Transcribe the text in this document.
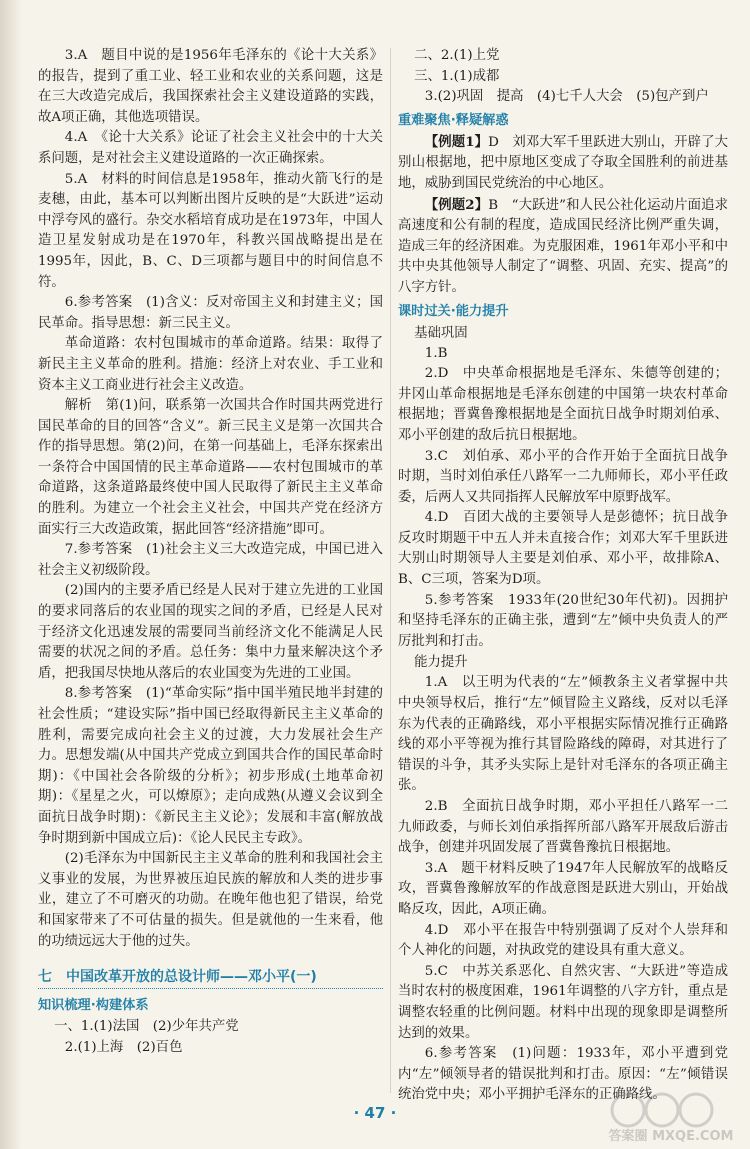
3.A　题目中说的是1956年毛泽东的《论十大关系》的报告，提到了重工业、轻工业和农业的关系问题，这是在三大改造完成后，我国探索社会主义建设道路的实践，故A项正确，其他选项错误。

4.A　《论十大关系》论证了社会主义社会中的十大关系问题，是对社会主义建设道路的一次正确探索。

5.A　材料的时间信息是1958年，推动火箭飞行的是麦穗，由此，基本可以判断出图片反映的是“大跃进”运动中浮夸风的盛行。杂交水稻培育成功是在1973年，中国人造卫星发射成功是在1970年，科教兴国战略提出是在1995年，因此，B、C、D三项都与题目中的时间信息不符。

6.参考答案　(1)含义：反对帝国主义和封建主义；国民革命。指导思想：新三民主义。

革命道路：农村包围城市的革命道路。结果：取得了新民主主义革命的胜利。措施：经济上对农业、手工业和资本主义工商业进行社会主义改造。

解析　第(1)问，联系第一次国共合作时国共两党进行国民革命的目的回答“含义”。新三民主义是第一次国共合作的指导思想。第(2)问，在第一问基础上，毛泽东探索出一条符合中国国情的民主革命道路——农村包围城市的革命道路，这条道路最终使中国人民取得了新民主主义革命的胜利。为建立一个社会主义社会，中国共产党在经济方面实行三大改造政策，据此回答“经济措施”即可。

7.参考答案　(1)社会主义三大改造完成，中国已进入社会主义初级阶段。

(2)国内的主要矛盾已经是人民对于建立先进的工业国的要求同落后的农业国的现实之间的矛盾，已经是人民对于经济文化迅速发展的需要同当前经济文化不能满足人民需要的状况之间的矛盾。总任务：集中力量来解决这个矛盾，把我国尽快地从落后的农业国变为先进的工业国。

8.参考答案　(1)“革命实际”指中国半殖民地半封建的社会性质；“建设实际”指中国已经取得新民主主义革命的胜利，需要完成向社会主义的过渡，大力发展社会生产力。思想发端(从中国共产党成立到国共合作的国民革命时期)：《中国社会各阶级的分析》；初步形成(土地革命初期)：《星星之火，可以燎原》；走向成熟(从遵义会议到全面抗日战争时期)：《新民主主义论》；发展和丰富(解放战争时期到新中国成立后)：《论人民民主专政》。

(2)毛泽东为中国新民主主义革命的胜利和我国社会主义事业的发展，为世界被压迫民族的解放和人类的进步事业，建立了不可磨灭的功勋。在晚年他也犯了错误，给党和国家带来了不可估量的损失。但是就他的一生来看，他的功绩远远大于他的过失。

七　中国改革开放的总设计师——邓小平(一)
知识梳理·构建体系

一、1.(1)法国　(2)少年共产党

2.(1)上海　(2)百色

二、2.(1)上党

三、1.(1)成都

3.(2)巩固　提高　(4)七千人大会　(5)包产到户

重难聚焦·释疑解惑

【例题1】D　刘邓大军千里跃进大别山，开辟了大别山根据地，把中原地区变成了夺取全国胜利的前进基地，威胁到国民党统治的中心地区。

【例题2】B　“大跃进”和人民公社化运动片面追求高速度和公有制的程度，造成国民经济比例严重失调，造成三年的经济困难。为克服困难，1961年邓小平和中共中央其他领导人制定了“调整、巩固、充实、提高”的八字方针。

课时过关·能力提升
基础巩固

1.B

2.D　中央革命根据地是毛泽东、朱德等创建的；井冈山革命根据地是毛泽东创建的中国第一块农村革命根据地；晋冀鲁豫根据地是全面抗日战争时期刘伯承、邓小平创建的敌后抗日根据地。

3.C　刘伯承、邓小平的合作开始于全面抗日战争时期，当时刘伯承任八路军一二九师师长，邓小平任政委，后两人又共同指挥人民解放军中原野战军。

4.D　百团大战的主要领导人是彭德怀；抗日战争反攻时期题干中五人并未直接合作；刘邓大军千里跃进大别山时期领导人主要是刘伯承、邓小平，故排除A、B、C三项，答案为D项。

5.参考答案　1933年(20世纪30年代初)。因拥护和坚持毛泽东的正确主张，遭到“左”倾中央负责人的严厉批判和打击。

能力提升

1.A　以王明为代表的“左”倾教条主义者掌握中共中央领导权后，推行“左”倾冒险主义路线，反对以毛泽东为代表的正确路线，邓小平根据实际情况推行正确路线的邓小平等视为推行其冒险路线的障碍，对其进行了错误的斗争，其矛头实际上是针对毛泽东的各项正确主张。

2.B　全面抗日战争时期，邓小平担任八路军一二九师政委，与师长刘伯承指挥所部八路军开展敌后游击战争，创建并巩固发展了晋冀鲁豫抗日根据地。

3.A　题干材料反映了1947年人民解放军的战略反攻，晋冀鲁豫解放军的作战意图是跃进大别山，开始战略反攻，因此，A项正确。

4.D　邓小平在报告中特别强调了反对个人崇拜和个人神化的问题，对执政党的建设具有重大意义。

5.C　中苏关系恶化、自然灾害、“大跃进”等造成当时农村的极度困难，1961年调整的八字方针，重点是调整农轻重的比例问题。材料中出现的现象即是调整所达到的效果。

6.参考答案　(1)问题：1933年，邓小平遭到党内“左”倾领导者的错误批判和打击。原因：“左”倾错误统治党中央；邓小平拥护毛泽东的正确路线。

· 47 ·
答案圈 MXQE.COM
